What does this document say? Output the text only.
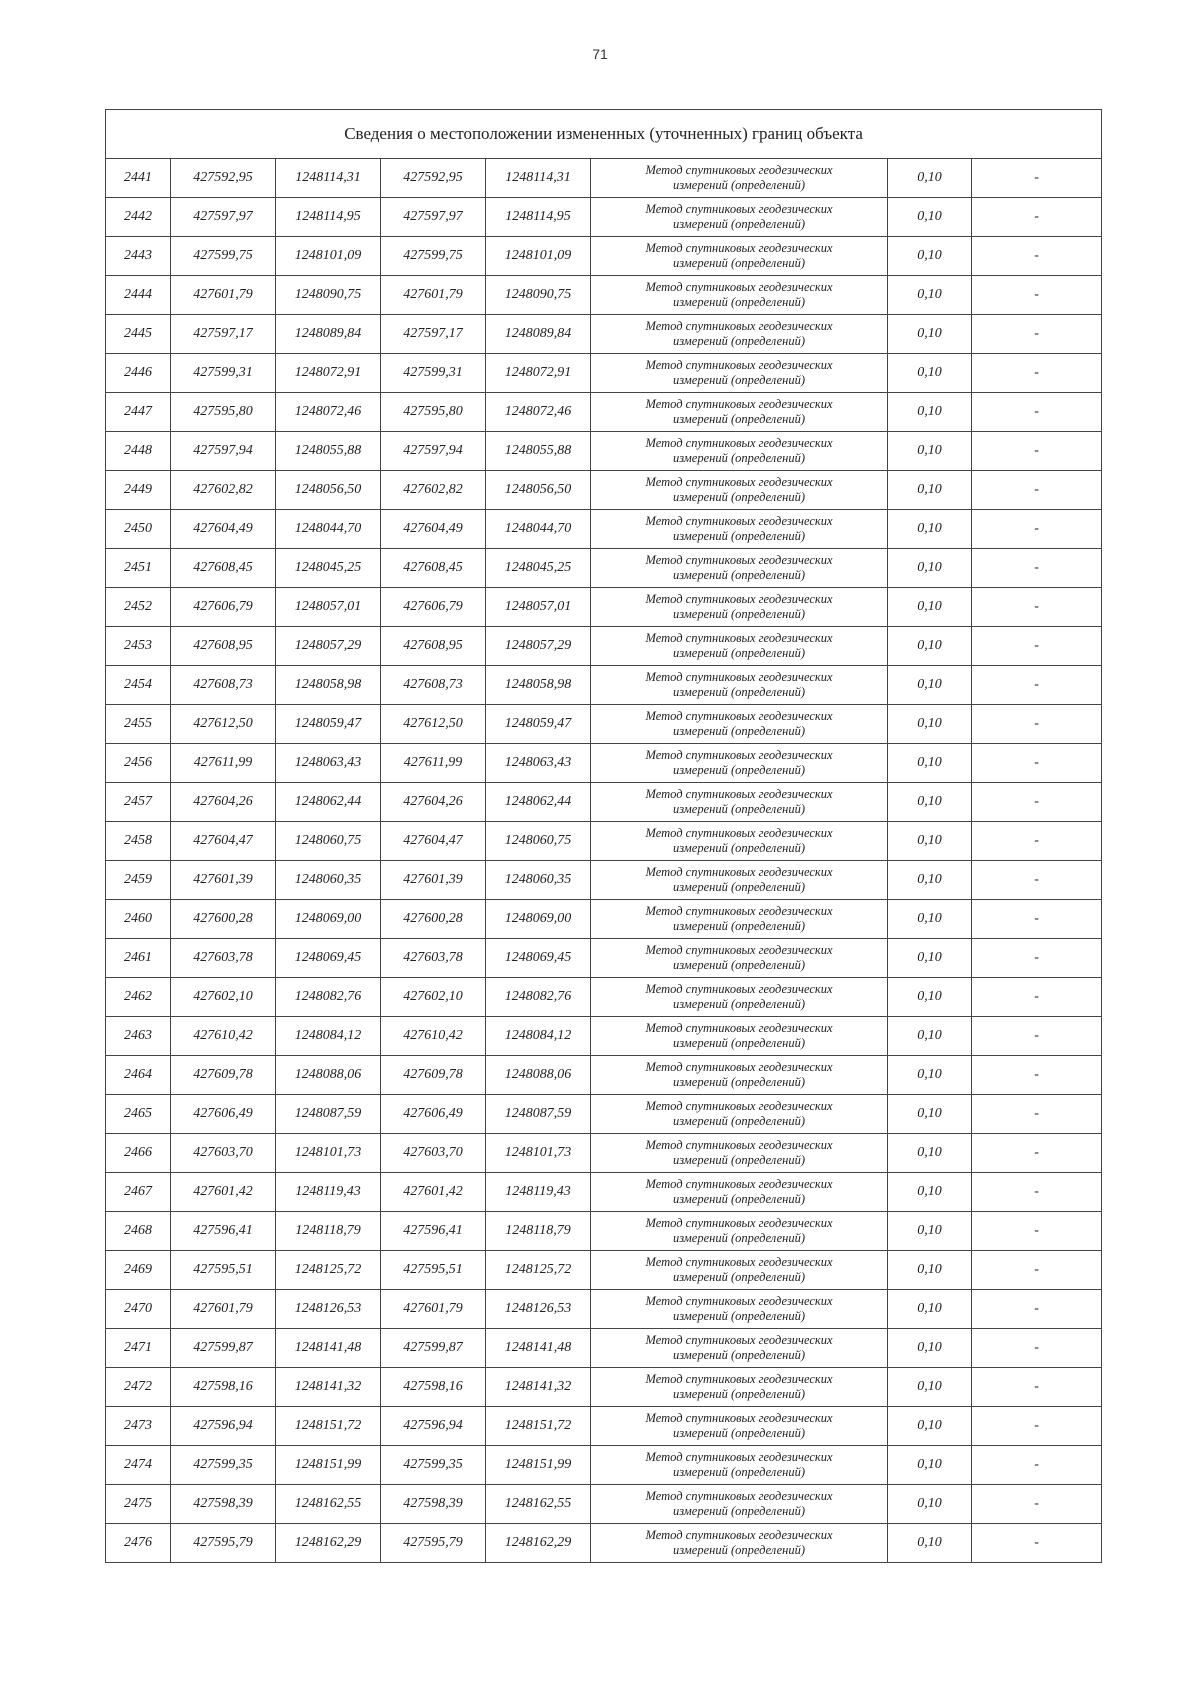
71
Сведения о местоположении измененных (уточненных) границ объекта							
2441	427592,95	1248114,31	427592,95	1248114,31	Метод спутниковых геодезических
измерений (определений)	0,10	-
2442	427597,97	1248114,95	427597,97	1248114,95	Метод спутниковых геодезических
измерений (определений)	0,10	-
2443	427599,75	1248101,09	427599,75	1248101,09	Метод спутниковых геодезических
измерений (определений)	0,10	-
2444	427601,79	1248090,75	427601,79	1248090,75	Метод спутниковых геодезических
измерений (определений)	0,10	-
2445	427597,17	1248089,84	427597,17	1248089,84	Метод спутниковых геодезических
измерений (определений)	0,10	-
2446	427599,31	1248072,91	427599,31	1248072,91	Метод спутниковых геодезических
измерений (определений)	0,10	-
2447	427595,80	1248072,46	427595,80	1248072,46	Метод спутниковых геодезических
измерений (определений)	0,10	-
2448	427597,94	1248055,88	427597,94	1248055,88	Метод спутниковых геодезических
измерений (определений)	0,10	-
2449	427602,82	1248056,50	427602,82	1248056,50	Метод спутниковых геодезических
измерений (определений)	0,10	-
2450	427604,49	1248044,70	427604,49	1248044,70	Метод спутниковых геодезических
измерений (определений)	0,10	-
2451	427608,45	1248045,25	427608,45	1248045,25	Метод спутниковых геодезических
измерений (определений)	0,10	-
2452	427606,79	1248057,01	427606,79	1248057,01	Метод спутниковых геодезических
измерений (определений)	0,10	-
2453	427608,95	1248057,29	427608,95	1248057,29	Метод спутниковых геодезических
измерений (определений)	0,10	-
2454	427608,73	1248058,98	427608,73	1248058,98	Метод спутниковых геодезических
измерений (определений)	0,10	-
2455	427612,50	1248059,47	427612,50	1248059,47	Метод спутниковых геодезических
измерений (определений)	0,10	-
2456	427611,99	1248063,43	427611,99	1248063,43	Метод спутниковых геодезических
измерений (определений)	0,10	-
2457	427604,26	1248062,44	427604,26	1248062,44	Метод спутниковых геодезических
измерений (определений)	0,10	-
2458	427604,47	1248060,75	427604,47	1248060,75	Метод спутниковых геодезических
измерений (определений)	0,10	-
2459	427601,39	1248060,35	427601,39	1248060,35	Метод спутниковых геодезических
измерений (определений)	0,10	-
2460	427600,28	1248069,00	427600,28	1248069,00	Метод спутниковых геодезических
измерений (определений)	0,10	-
2461	427603,78	1248069,45	427603,78	1248069,45	Метод спутниковых геодезических
измерений (определений)	0,10	-
2462	427602,10	1248082,76	427602,10	1248082,76	Метод спутниковых геодезических
измерений (определений)	0,10	-
2463	427610,42	1248084,12	427610,42	1248084,12	Метод спутниковых геодезических
измерений (определений)	0,10	-
2464	427609,78	1248088,06	427609,78	1248088,06	Метод спутниковых геодезических
измерений (определений)	0,10	-
2465	427606,49	1248087,59	427606,49	1248087,59	Метод спутниковых геодезических
измерений (определений)	0,10	-
2466	427603,70	1248101,73	427603,70	1248101,73	Метод спутниковых геодезических
измерений (определений)	0,10	-
2467	427601,42	1248119,43	427601,42	1248119,43	Метод спутниковых геодезических
измерений (определений)	0,10	-
2468	427596,41	1248118,79	427596,41	1248118,79	Метод спутниковых геодезических
измерений (определений)	0,10	-
2469	427595,51	1248125,72	427595,51	1248125,72	Метод спутниковых геодезических
измерений (определений)	0,10	-
2470	427601,79	1248126,53	427601,79	1248126,53	Метод спутниковых геодезических
измерений (определений)	0,10	-
2471	427599,87	1248141,48	427599,87	1248141,48	Метод спутниковых геодезических
измерений (определений)	0,10	-
2472	427598,16	1248141,32	427598,16	1248141,32	Метод спутниковых геодезических
измерений (определений)	0,10	-
2473	427596,94	1248151,72	427596,94	1248151,72	Метод спутниковых геодезических
измерений (определений)	0,10	-
2474	427599,35	1248151,99	427599,35	1248151,99	Метод спутниковых геодезических
измерений (определений)	0,10	-
2475	427598,39	1248162,55	427598,39	1248162,55	Метод спутниковых геодезических
измерений (определений)	0,10	-
2476	427595,79	1248162,29	427595,79	1248162,29	Метод спутниковых геодезических
измерений (определений)	0,10	-
